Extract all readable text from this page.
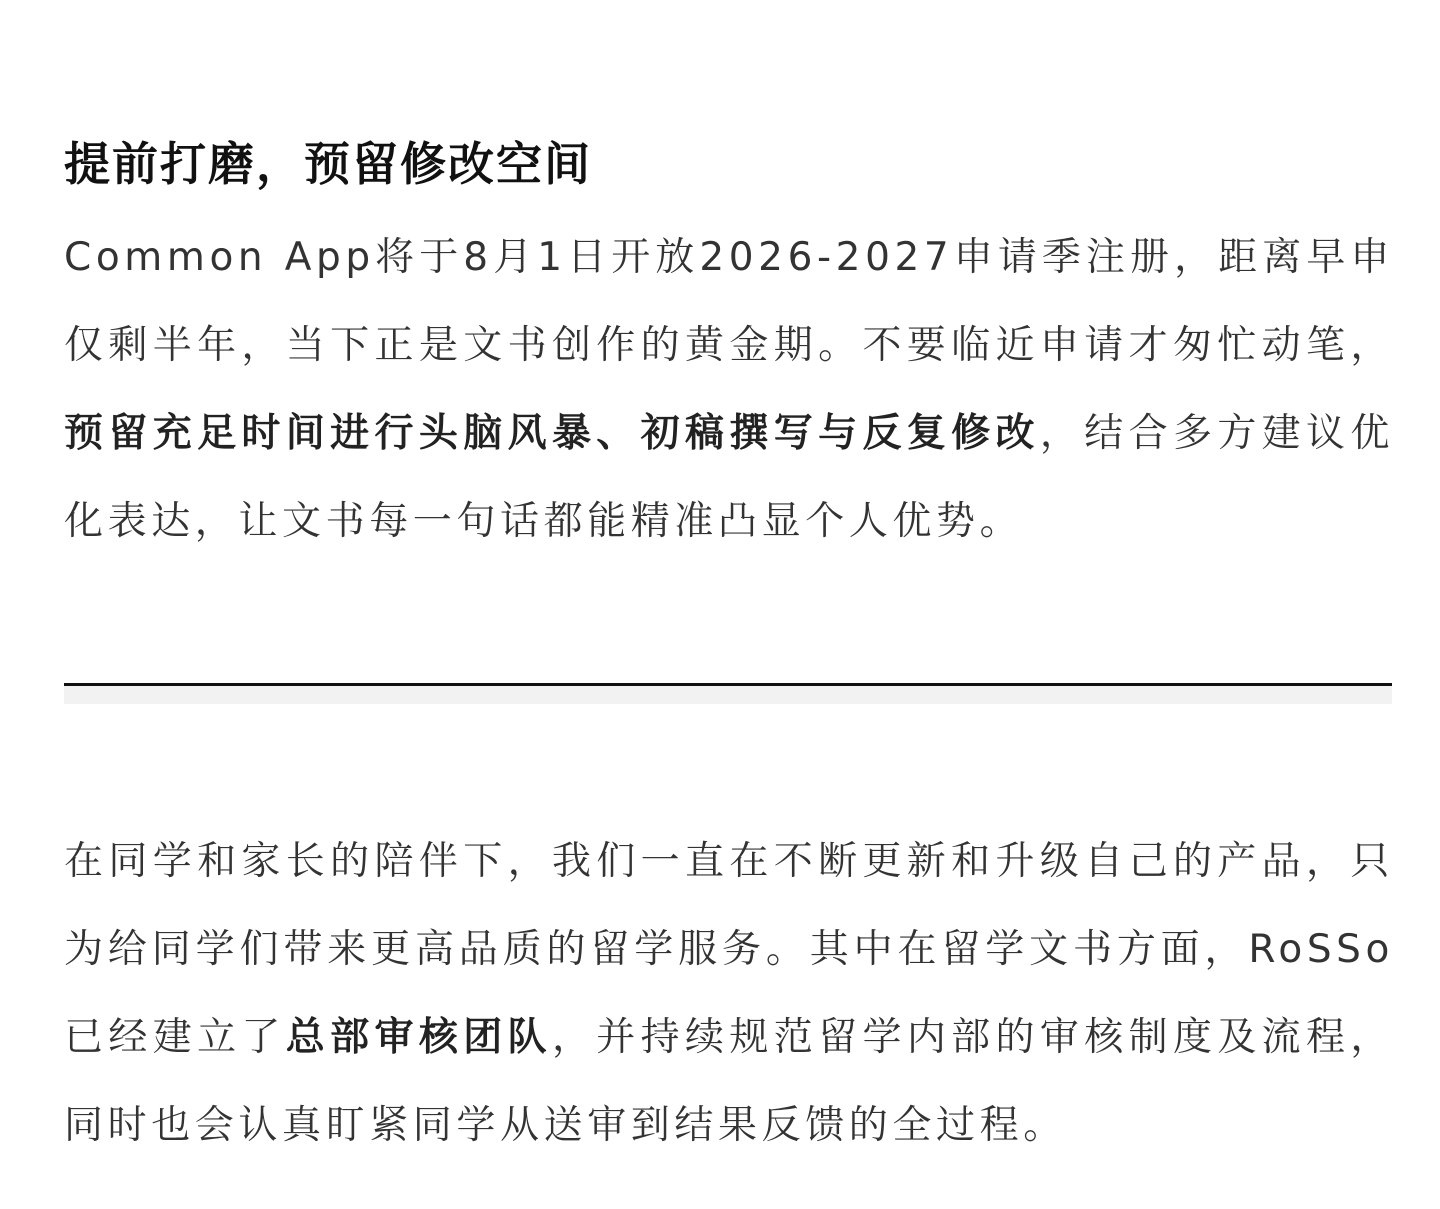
提前打磨，预留修改空间

Common App将于8月1日开放2026-2027申请季注册，距离早申仅剩半年，当下正是文书创作的黄金期。不要临近申请才匆忙动笔，预留充足时间进行头脑风暴、初稿撰写与反复修改，结合多方建议优化表达，让文书每一句话都能精准凸显个人优势。

在同学和家长的陪伴下，我们一直在不断更新和升级自己的产品，只为给同学们带来更高品质的留学服务。其中在留学文书方面，RoSSo已经建立了总部审核团队，并持续规范留学内部的审核制度及流程，同时也会认真盯紧同学从送审到结果反馈的全过程。
